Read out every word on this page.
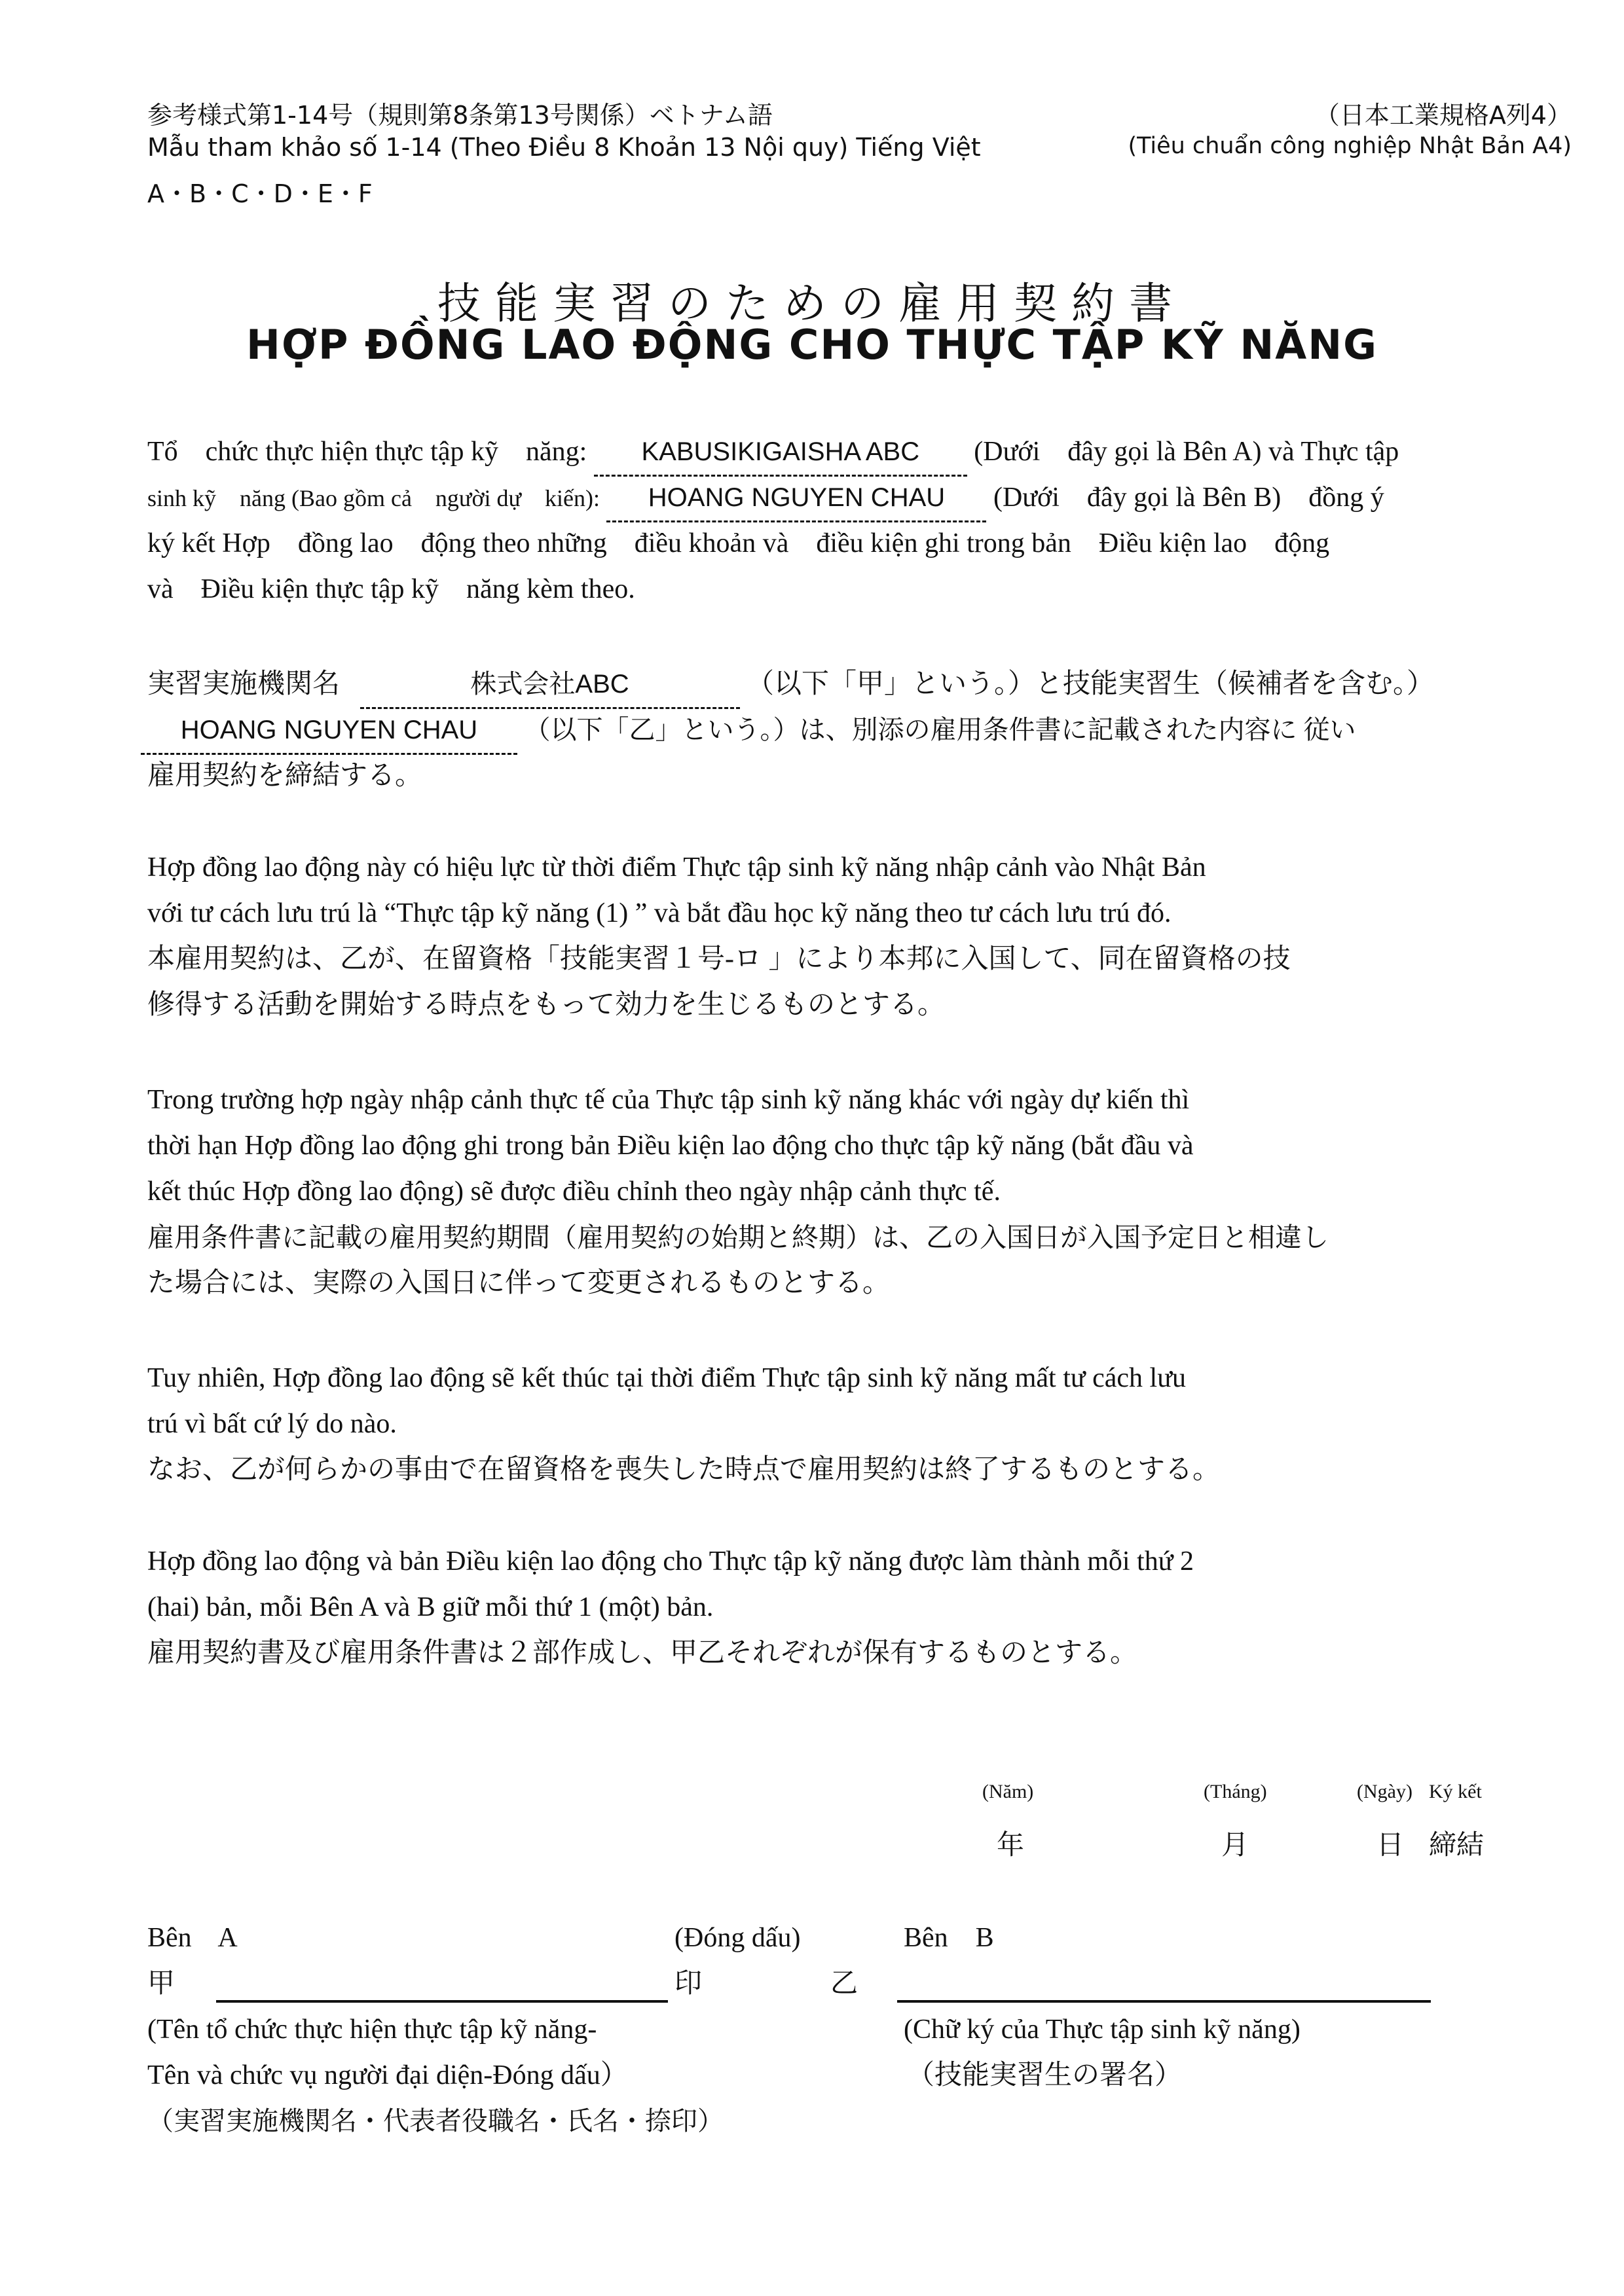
参考様式第1-14号（規則第8条第13号関係）ベトナム語
Mẫu tham khảo số 1-14 (Theo Điều 8 Khoản 13 Nội quy) Tiếng Việt
A・B・C・D・E・F
（日本工業規格A列4）
(Tiêu chuẩn công nghiệp Nhật Bản A4)
技能実習のための雇用契約書
HỢP ĐỒNG LAO ĐỘNG CHO THỰC TẬP KỸ NĂNG
Tổ    chức thực hiện thực tập kỹ    năng: KABUSIKIGAISHA ABC (Dưới    đây gọi là Bên A) và Thực tập
sinh kỹ    năng (Bao gồm cả    người dự    kiến): HOANG NGUYEN CHAU (Dưới    đây gọi là Bên B)    đồng ý
ký kết Hợp    đồng lao    động theo những    điều khoản và    điều kiện ghi trong bản    Điều kiện lao    động
và    Điều kiện thực tập kỹ    năng kèm theo.
実習実施機関名	株式会社ABC	（以下「甲」という。）と技能実習生（候補者を含む。）
HOANG NGUYEN CHAU （以下「乙」という。）は、別添の雇用条件書に記載された内容に 従い
雇用契約を締結する。
Hợp đồng lao động này có hiệu lực từ thời điểm Thực tập sinh kỹ năng nhập cảnh vào Nhật Bản
với tư cách lưu trú là “Thực tập kỹ năng (1) ” và bắt đầu học kỹ năng theo tư cách lưu trú đó.
本雇用契約は、乙が、在留資格「技能実習１号-ロ 」により本邦に入国して、同在留資格の技
修得する活動を開始する時点をもって効力を生じるものとする。
Trong trường hợp ngày nhập cảnh thực tế của Thực tập sinh kỹ năng khác với ngày dự kiến thì
thời hạn Hợp đồng lao động ghi trong bản Điều kiện lao động cho thực tập kỹ năng (bắt đầu và
kết thúc Hợp đồng lao động) sẽ được điều chỉnh theo ngày nhập cảnh thực tế.
雇用条件書に記載の雇用契約期間（雇用契約の始期と終期）は、乙の入国日が入国予定日と相違し
た場合には、実際の入国日に伴って変更されるものとする。
Tuy nhiên, Hợp đồng lao động sẽ kết thúc tại thời điểm Thực tập sinh kỹ năng mất tư cách lưu
trú vì bất cứ lý do nào.
なお、乙が何らかの事由で在留資格を喪失した時点で雇用契約は終了するものとする。
Hợp đồng lao động và bản Điều kiện lao động cho Thực tập kỹ năng được làm thành mỗi thứ 2
(hai) bản, mỗi Bên A và B giữ mỗi thứ 1 (một) bản.
雇用契約書及び雇用条件書は２部作成し、甲乙それぞれが保有するものとする。
(Năm)	(Tháng)	(Ngày) Ký kết
年	月	日 締結
Bên    A
甲
(Đóng dấu)
印
Bên    B
乙
(Tên tổ chức thực hiện thực tập kỹ năng-
Tên và chức vụ người đại diện-Đóng dấu）
（実習実施機関名・代表者役職名・氏名・捺印）
(Chữ ký của Thực tập sinh kỹ năng)
（技能実習生の署名）
